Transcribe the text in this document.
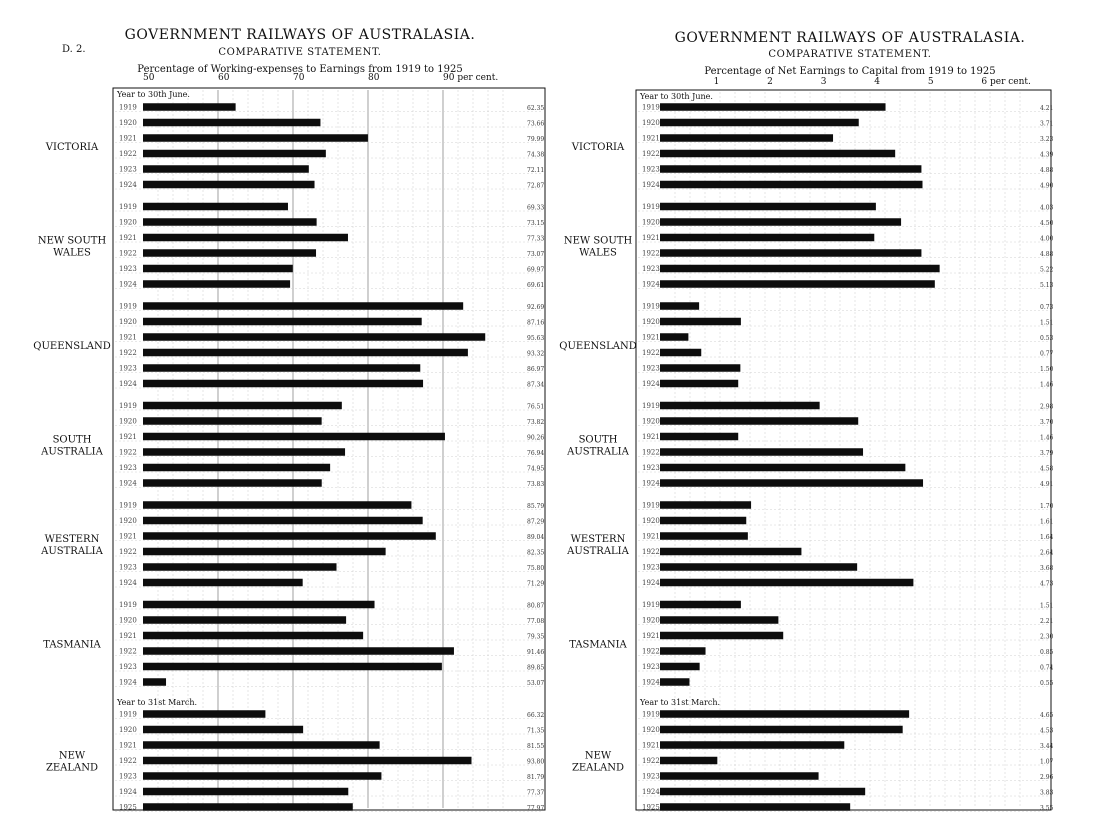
D. 2.
GOVERNMENT RAILWAYS OF AUSTRALASIA.
COMPARATIVE STATEMENT.
Percentage of Working-expenses to Earnings from 1919 to 1925
GOVERNMENT RAILWAYS OF AUSTRALASIA.
COMPARATIVE STATEMENT.
Percentage of Net Earnings to Capital from 1919 to 1925
50	60	70	80	90 per cent.
Year to 30th June.
1919	62.35
1920	73.66
1921	79.99
1922	74.38
1923	72.11
1924	72.87
VICTORIA
1919	69.33
1920	73.15
1921	77.33
1922	73.07
1923	69.97
1924	69.61
NEW SOUTH
WALES
1919	92.69
1920	87.16
1921	95.63
1922	93.32
1923	86.97
1924	87.34
QUEENSLAND
1919	76.51
1920	73.82
1921	90.26
1922	76.94
1923	74.95
1924	73.83
SOUTH
AUSTRALIA
1919	85.79
1920	87.29
1921	89.04
1922	82.35
1923	75.80
1924	71.29
WESTERN
AUSTRALIA
1919	80.87
1920	77.08
1921	79.35
1922	91.46
1923	89.85
1924	53.07
TASMANIA
Year to 31st March.
1919	66.32
1920	71.35
1921	81.55
1922	93.80
1923	81.79
1924	77.37
1925	77.97
NEW
ZEALAND
1	2	3	4	5	6 per cent.
Year to 30th June.
1919	4.21
1920	3.71
1921	3.23
1922	4.39
1923	4.88
1924	4.90
VICTORIA
1919	4.03
1920	4.50
1921	4.00
1922	4.88
1923	5.22
1924	5.13
NEW SOUTH
WALES
1919	0.73
1920	1.51
1921	0.53
1922	0.77
1923	1.50
1924	1.46
QUEENSLAND
1919	2.98
1920	3.70
1921	1.46
1922	3.79
1923	4.58
1924	4.91
SOUTH
AUSTRALIA
1919	1.70
1920	1.61
1921	1.64
1922	2.64
1923	3.68
1924	4.73
WESTERN
AUSTRALIA
1919	1.51
1920	2.21
1921	2.30
1922	0.85
1923	0.74
1924	0.55
TASMANIA
Year to 31st March.
1919	4.65
1920	4.53
1921	3.44
1922	1.07
1923	2.96
1924	3.83
1925	3.55
NEW
ZEALAND
